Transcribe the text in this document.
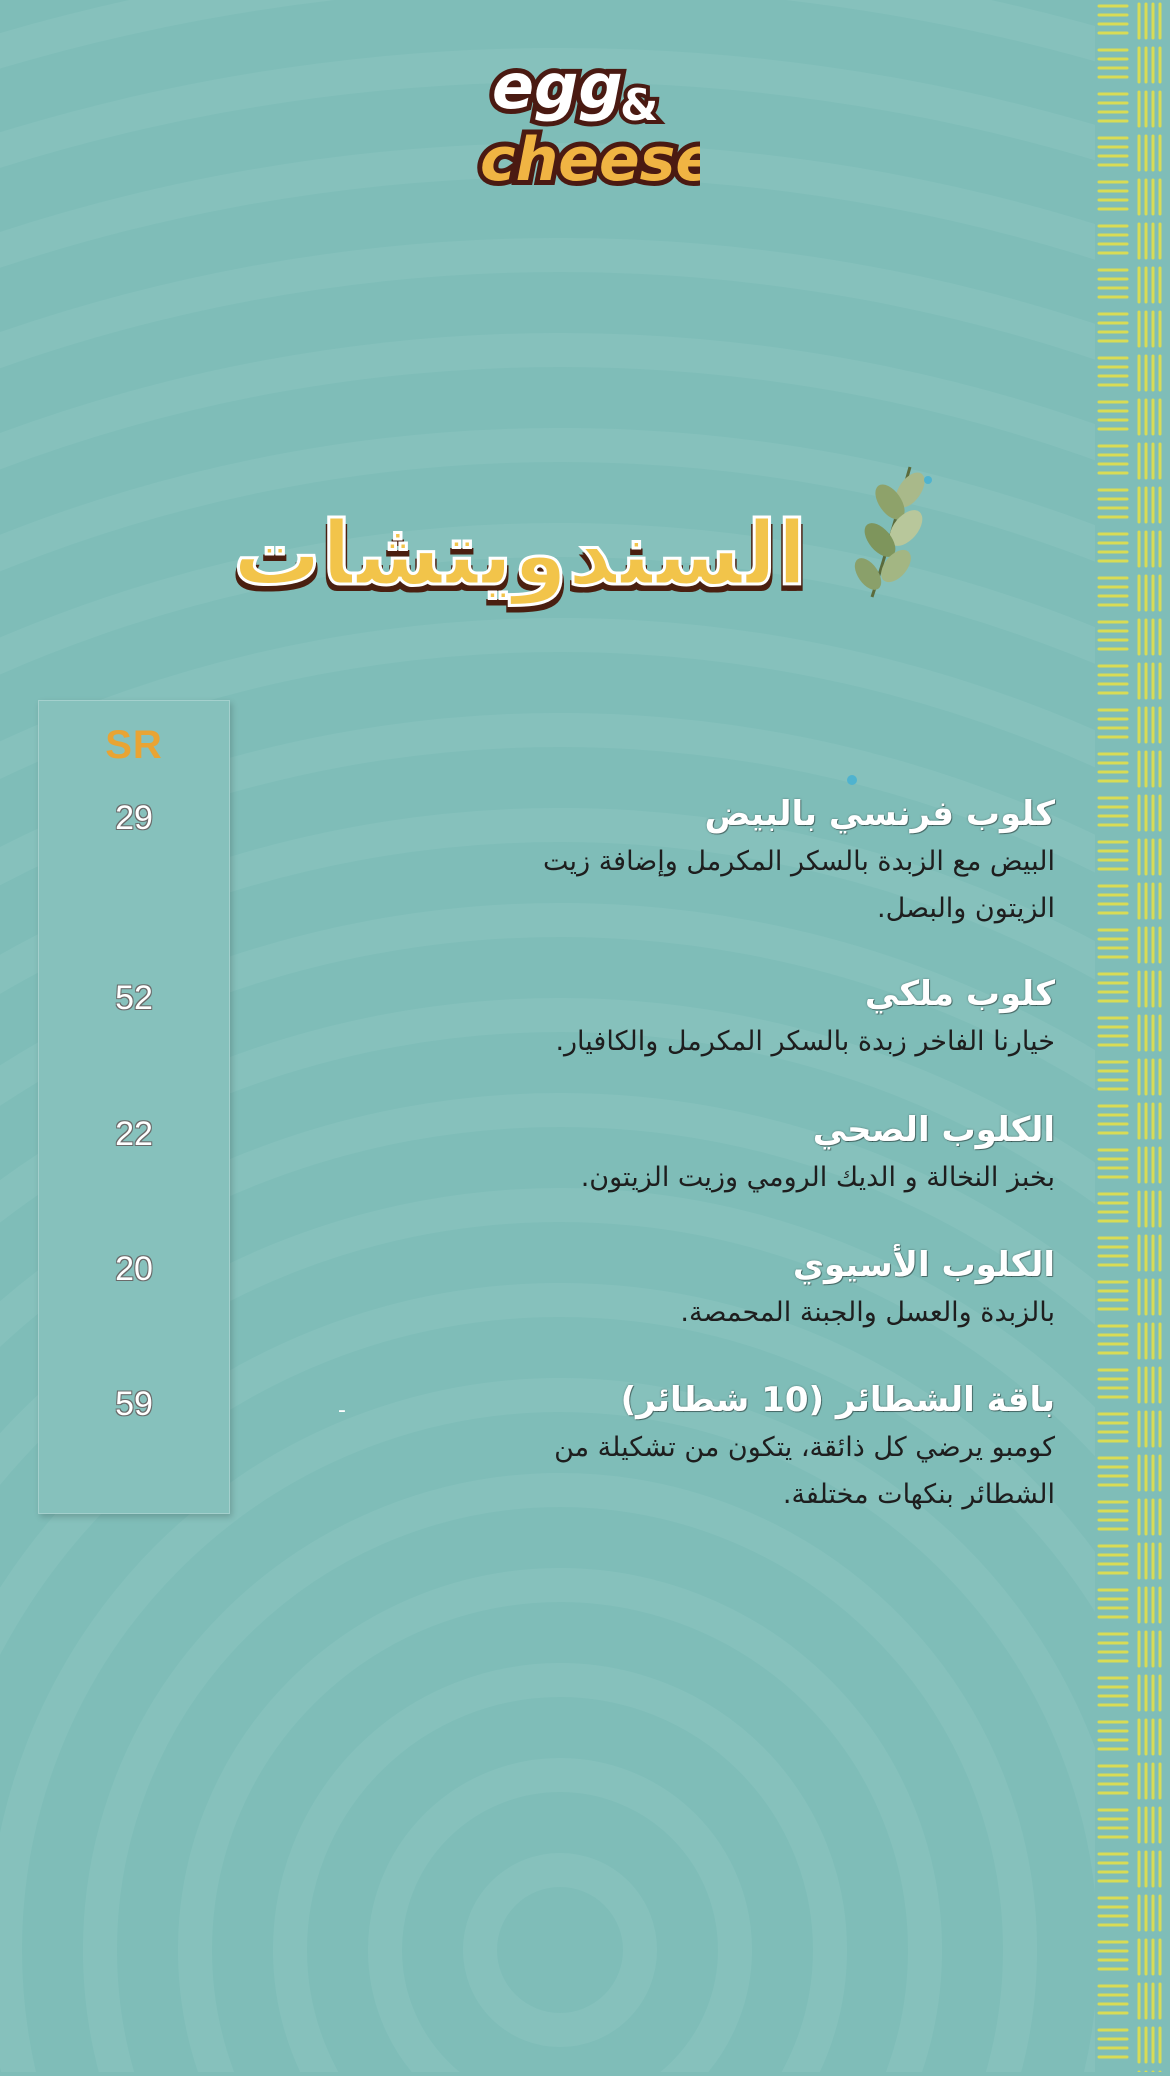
egg
&
cheese
السندويتشات
SR
29
52
22
20
59
كلوب فرنسي بالبيض
البيض مع الزبدة بالسكر المكرمل وإضافة زيت الزيتون والبصل.
كلوب ملكي
خيارنا الفاخر زبدة بالسكر المكرمل والكافيار.
الكلوب الصحي
بخبز النخالة و الديك الرومي وزيت الزيتون.
الكلوب الأسيوي
بالزبدة والعسل والجبنة المحمصة.
باقة الشطائر (10 شطائر)
كومبو يرضي كل ذائقة، يتكون من تشكيلة من الشطائر بنكهات مختلفة.
-
